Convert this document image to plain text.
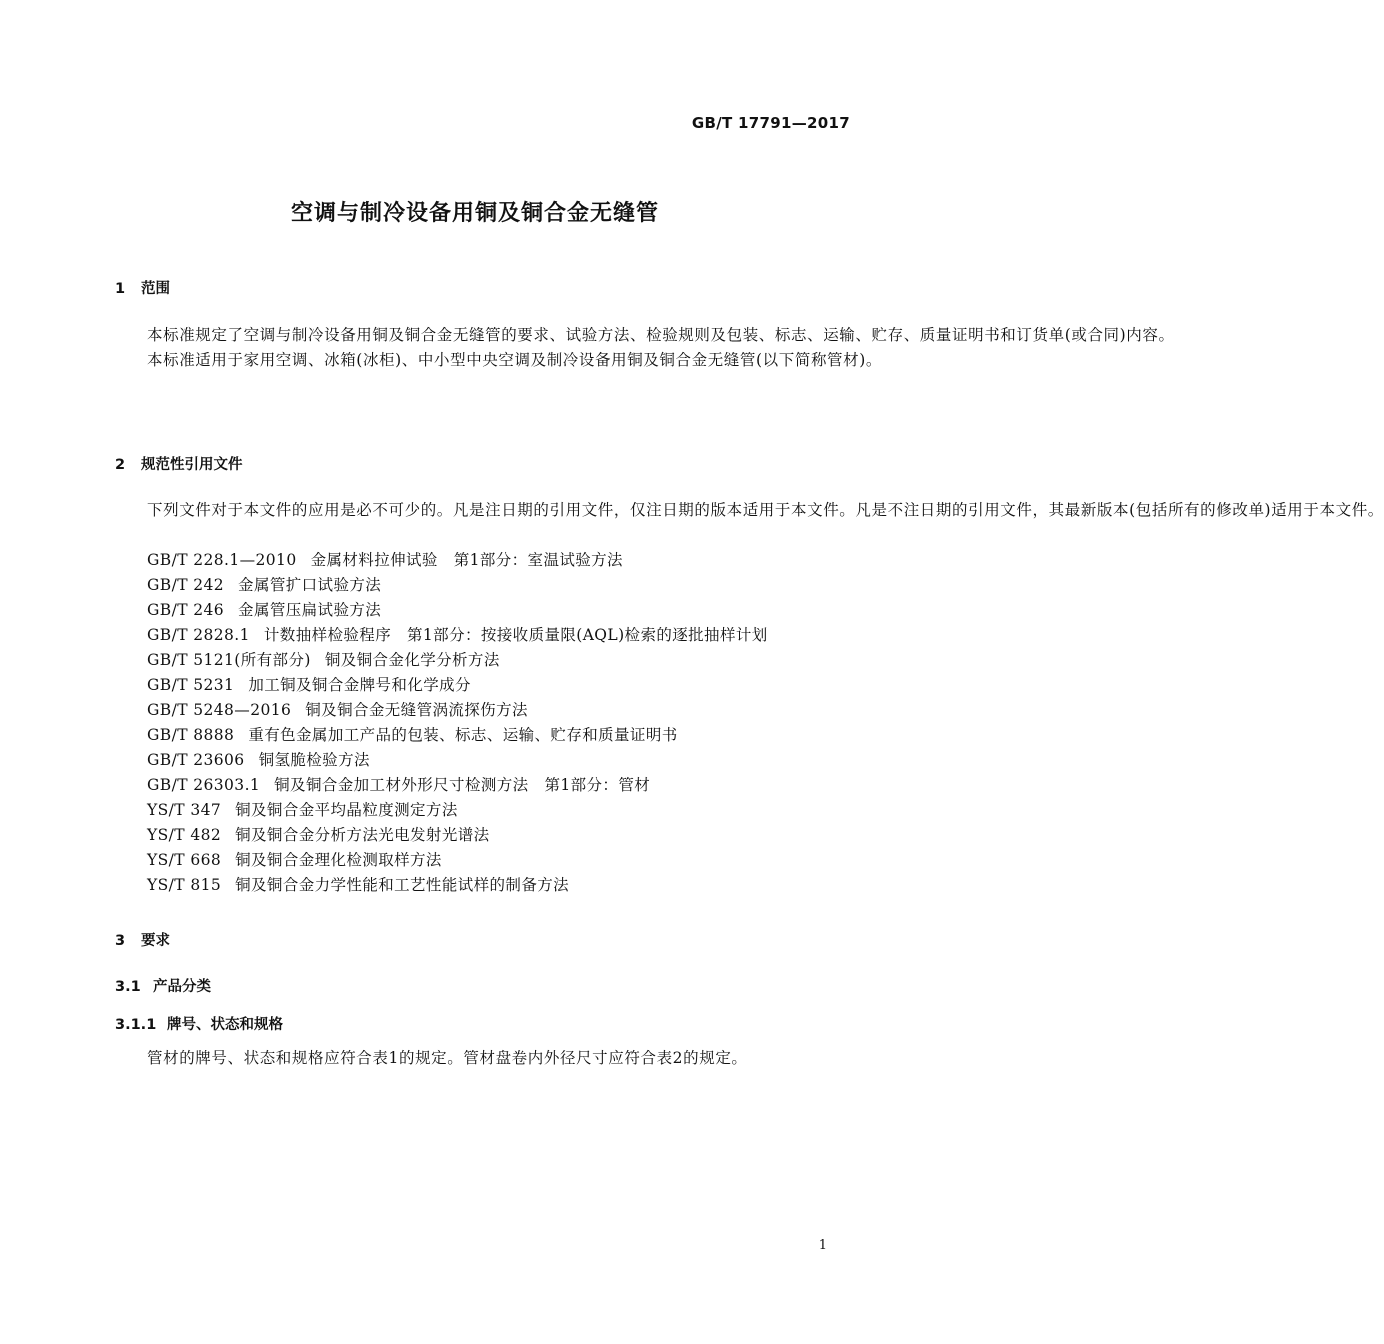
GB/T 17791—2017
空调与制冷设备用铜及铜合金无缝管
1 范围

本标准规定了空调与制冷设备用铜及铜合金无缝管的要求、试验方法、检验规则及包装、标志、运输、贮存、质量证明书和订货单(或合同)内容。

本标准适用于家用空调、冰箱(冰柜)、中小型中央空调及制冷设备用铜及铜合金无缝管(以下简称管材)。

2 规范性引用文件

下列文件对于本文件的应用是必不可少的。凡是注日期的引用文件，仅注日期的版本适用于本文件。凡是不注日期的引用文件，其最新版本(包括所有的修改单)适用于本文件。

GB/T 228.1—2010 金属材料拉伸试验　第1部分：室温试验方法
GB/T 242 金属管扩口试验方法
GB/T 246 金属管压扁试验方法
GB/T 2828.1 计数抽样检验程序　第1部分：按接收质量限(AQL)检索的逐批抽样计划
GB/T 5121(所有部分) 铜及铜合金化学分析方法
GB/T 5231 加工铜及铜合金牌号和化学成分
GB/T 5248—2016 铜及铜合金无缝管涡流探伤方法
GB/T 8888 重有色金属加工产品的包装、标志、运输、贮存和质量证明书
GB/T 23606 铜氢脆检验方法
GB/T 26303.1 铜及铜合金加工材外形尺寸检测方法　第1部分：管材
YS/T 347 铜及铜合金平均晶粒度测定方法
YS/T 482 铜及铜合金分析方法光电发射光谱法
YS/T 668 铜及铜合金理化检测取样方法
YS/T 815 铜及铜合金力学性能和工艺性能试样的制备方法
3 要求
3.1 产品分类
3.1.1 牌号、状态和规格

管材的牌号、状态和规格应符合表1的规定。管材盘卷内外径尺寸应符合表2的规定。

1
